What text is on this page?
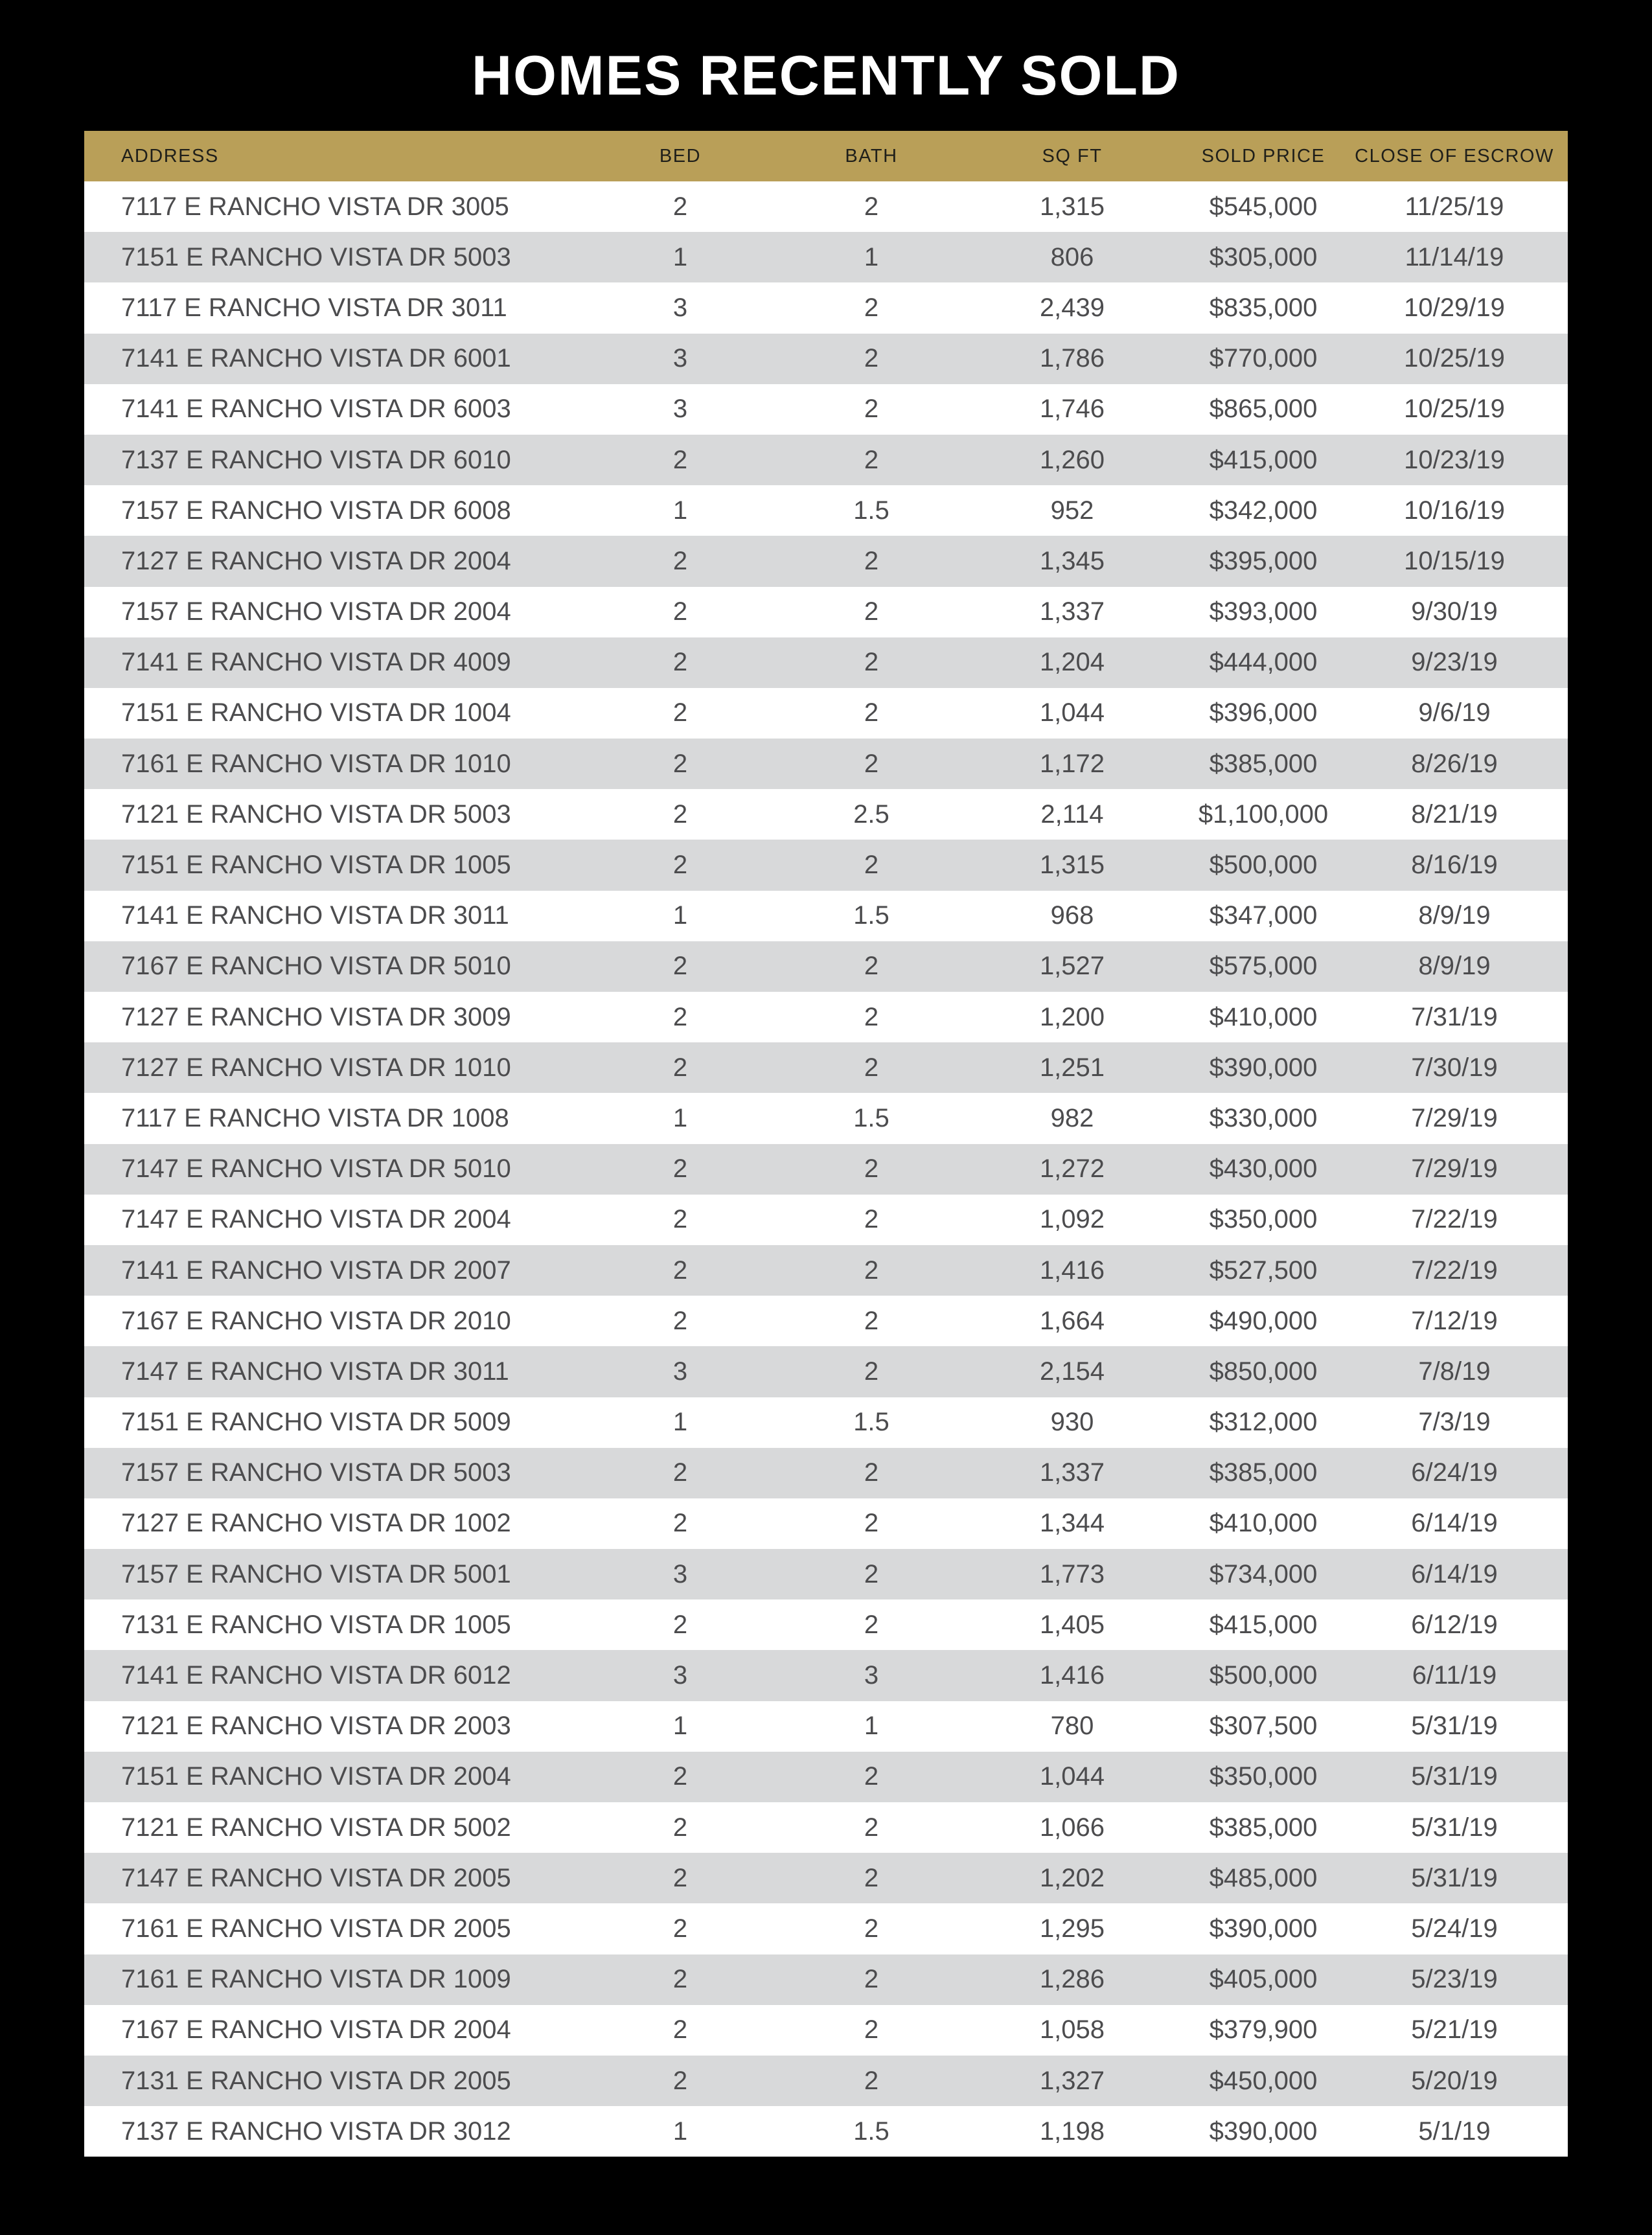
HOMES RECENTLY SOLD
ADDRESS	BED	BATH	SQ FT	SOLD PRICE	CLOSE OF ESCROW
7117 E RANCHO VISTA DR 3005	2	2	1,315	$545,000	11/25/19
7151 E RANCHO VISTA DR 5003	1	1	806	$305,000	11/14/19
7117 E RANCHO VISTA DR 3011	3	2	2,439	$835,000	10/29/19
7141 E RANCHO VISTA DR 6001	3	2	1,786	$770,000	10/25/19
7141 E RANCHO VISTA DR 6003	3	2	1,746	$865,000	10/25/19
7137 E RANCHO VISTA DR 6010	2	2	1,260	$415,000	10/23/19
7157 E RANCHO VISTA DR 6008	1	1.5	952	$342,000	10/16/19
7127 E RANCHO VISTA DR 2004	2	2	1,345	$395,000	10/15/19
7157 E RANCHO VISTA DR 2004	2	2	1,337	$393,000	9/30/19
7141 E RANCHO VISTA DR 4009	2	2	1,204	$444,000	9/23/19
7151 E RANCHO VISTA DR 1004	2	2	1,044	$396,000	9/6/19
7161 E RANCHO VISTA DR 1010	2	2	1,172	$385,000	8/26/19
7121 E RANCHO VISTA DR 5003	2	2.5	2,114	$1,100,000	8/21/19
7151 E RANCHO VISTA DR 1005	2	2	1,315	$500,000	8/16/19
7141 E RANCHO VISTA DR 3011	1	1.5	968	$347,000	8/9/19
7167 E RANCHO VISTA DR 5010	2	2	1,527	$575,000	8/9/19
7127 E RANCHO VISTA DR 3009	2	2	1,200	$410,000	7/31/19
7127 E RANCHO VISTA DR 1010	2	2	1,251	$390,000	7/30/19
7117 E RANCHO VISTA DR 1008	1	1.5	982	$330,000	7/29/19
7147 E RANCHO VISTA DR 5010	2	2	1,272	$430,000	7/29/19
7147 E RANCHO VISTA DR 2004	2	2	1,092	$350,000	7/22/19
7141 E RANCHO VISTA DR 2007	2	2	1,416	$527,500	7/22/19
7167 E RANCHO VISTA DR 2010	2	2	1,664	$490,000	7/12/19
7147 E RANCHO VISTA DR 3011	3	2	2,154	$850,000	7/8/19
7151 E RANCHO VISTA DR 5009	1	1.5	930	$312,000	7/3/19
7157 E RANCHO VISTA DR 5003	2	2	1,337	$385,000	6/24/19
7127 E RANCHO VISTA DR 1002	2	2	1,344	$410,000	6/14/19
7157 E RANCHO VISTA DR 5001	3	2	1,773	$734,000	6/14/19
7131 E RANCHO VISTA DR 1005	2	2	1,405	$415,000	6/12/19
7141 E RANCHO VISTA DR 6012	3	3	1,416	$500,000	6/11/19
7121 E RANCHO VISTA DR 2003	1	1	780	$307,500	5/31/19
7151 E RANCHO VISTA DR 2004	2	2	1,044	$350,000	5/31/19
7121 E RANCHO VISTA DR 5002	2	2	1,066	$385,000	5/31/19
7147 E RANCHO VISTA DR 2005	2	2	1,202	$485,000	5/31/19
7161 E RANCHO VISTA DR 2005	2	2	1,295	$390,000	5/24/19
7161 E RANCHO VISTA DR 1009	2	2	1,286	$405,000	5/23/19
7167 E RANCHO VISTA DR 2004	2	2	1,058	$379,900	5/21/19
7131 E RANCHO VISTA DR 2005	2	2	1,327	$450,000	5/20/19
7137 E RANCHO VISTA DR 3012	1	1.5	1,198	$390,000	5/1/19
